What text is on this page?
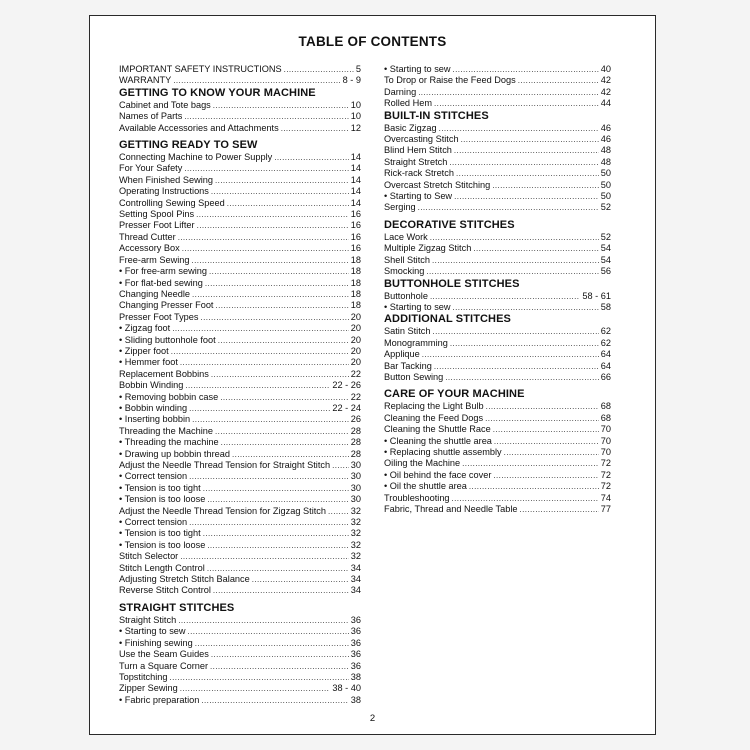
TABLE OF CONTENTS
IMPORTANT SAFETY INSTRUCTIONS .....	5
WARRANTY .....	8 - 9
GETTING TO KNOW YOUR MACHINE
Cabinet and Tote bags .....	10
Names of Parts .....	10
Available Accessories and Attachments .....	12
GETTING READY TO SEW
Connecting Machine to Power Supply .....	14
For Your Safety .....	14
When Finished Sewing .....	14
Operating Instructions .....	14
Controlling Sewing Speed .....	14
Setting Spool Pins .....	16
Presser Foot Lifter .....	16
Thread Cutter .....	16
Accessory Box .....	16
Free-arm Sewing .....	18
• For free-arm sewing .....	18
• For flat-bed sewing .....	18
Changing Needle .....	18
Changing Presser Foot .....	18
Presser Foot Types .....	20
• Zigzag foot .....	20
• Sliding buttonhole foot .....	20
• Zipper foot .....	20
• Hemmer foot .....	20
Replacement Bobbins .....	22
Bobbin Winding .....	22 - 26
• Removing bobbin case .....	22
• Bobbin winding .....	22 - 24
• Inserting bobbin .....	26
Threading the Machine .....	28
• Threading the machine .....	28
• Drawing up bobbin thread .....	28
Adjust the Needle Thread Tension for Straight Stitch ..... 30
• Correct tension .....	30
• Tension is too tight .....	30
• Tension is too loose .....	30
Adjust the Needle Thread Tension for Zigzag Stitch .....	32
• Correct tension .....	32
• Tension is too tight .....	32
• Tension is too loose .....	32
Stitch Selector .....	32
Stitch Length Control .....	34
Adjusting Stretch Stitch Balance .....	34
Reverse Stitch Control .....	34
STRAIGHT STITCHES
Straight Stitch .....	36
• Starting to sew .....	36
• Finishing sewing .....	36
Use the Seam Guides .....	36
Turn a Square Corner .....	36
Topstitching .....	38
Zipper Sewing .....	38 - 40
• Fabric preparation .....	38
• Starting to sew .....	40
To Drop or Raise the Feed Dogs .....	42
Darning .....	42
Rolled Hem .....	44
BUILT-IN STITCHES
Basic Zigzag .....	46
Overcasting Stitch .....	46
Blind Hem Stitch .....	48
Straight Stretch .....	48
Rick-rack Stretch .....	50
Overcast Stretch Stitching .....	50
• Starting to Sew .....	50
Serging .....	52
DECORATIVE STITCHES
Lace Work .....	52
Multiple Zigzag Stitch .....	54
Shell Stitch .....	54
Smocking .....	56
BUTTONHOLE STITCHES
Buttonhole .....	58 - 61
• Starting to sew .....	58
ADDITIONAL STITCHES
Satin Stitch .....	62
Monogramming .....	62
Applique .....	64
Bar Tacking .....	64
Button Sewing .....	66
CARE OF YOUR MACHINE
Replacing the Light Bulb .....	68
Cleaning the Feed Dogs .....	68
Cleaning the Shuttle Race .....	70
• Cleaning the shuttle area .....	70
• Replacing shuttle assembly .....	70
Oiling the Machine .....	72
• Oil behind the face cover .....	72
• Oil the shuttle area .....	72
Troubleshooting .....	74
Fabric, Thread and Needle Table .....	77
2
